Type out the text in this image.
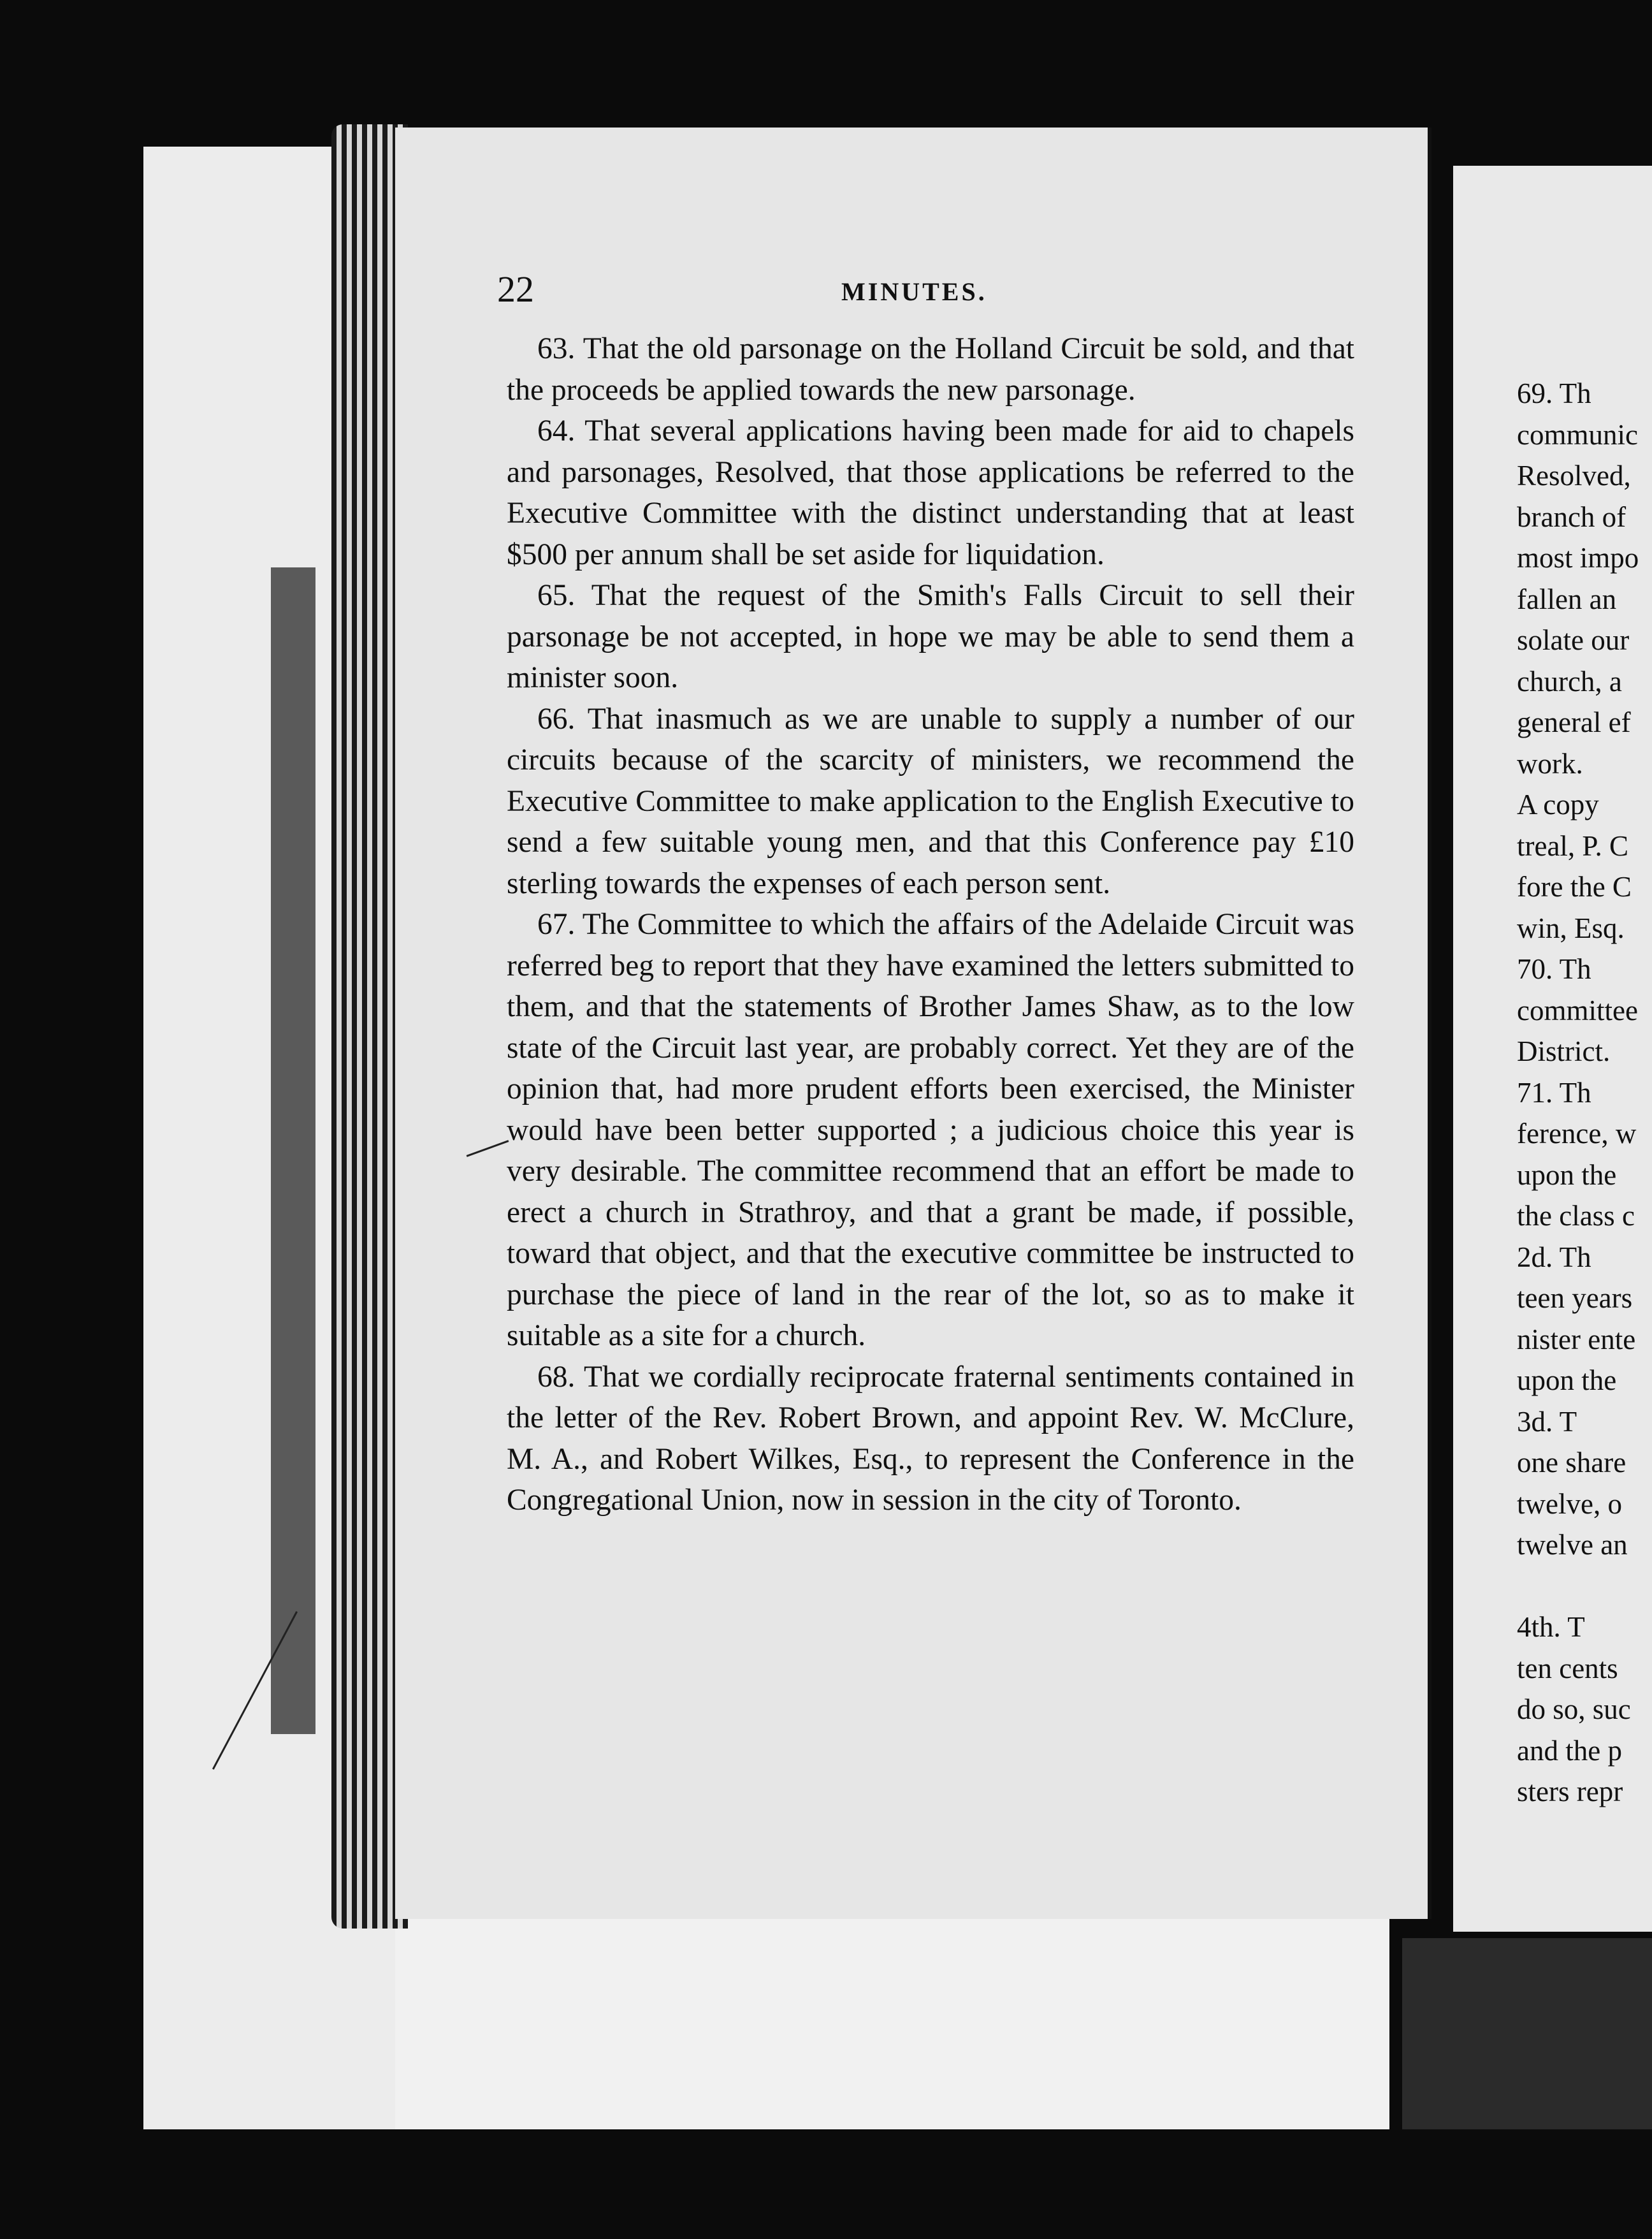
22	MINUTES.

63. That the old parsonage on the Holland Circuit be sold, and that the proceeds be applied towards the new parsonage.

64. That several applications having been made for aid to chapels and parsonages, Resolved, that those applications be referred to the Executive Committee with the distinct understanding that at least $500 per annum shall be set aside for liquidation.

65. That the request of the Smith's Falls Circuit to sell their parsonage be not accepted, in hope we may be able to send them a minister soon.

66. That inasmuch as we are unable to supply a number of our circuits because of the scarcity of ministers, we recommend the Executive Committee to make application to the English Executive to send a few suitable young men, and that this Conference pay £10 sterling towards the expenses of each person sent.

67. The Committee to which the affairs of the Adelaide Circuit was referred beg to report that they have examined the letters submitted to them, and that the statements of Brother James Shaw, as to the low state of the Circuit last year, are probably correct. Yet they are of the opinion that, had more prudent efforts been exercised, the Minister would have been better supported ; a judicious choice this year is very desirable. The committee recommend that an effort be made to erect a church in Strathroy, and that a grant be made, if possible, toward that object, and that the executive committee be instructed to purchase the piece of land in the rear of the lot, so as to make it suitable as a site for a church.

68. That we cordially reciprocate fraternal sentiments contained in the letter of the Rev. Robert Brown, and appoint Rev. W. McClure, M. A., and Robert Wilkes, Esq., to represent the Conference in the Congregational Union, now in session in the city of Toronto.

69. Th
communic
Resolved,
branch of
most impo
fallen an
solate our
church, a
general ef
work.
A copy
treal, P. C
fore the C
win, Esq.
70. Th
committee
District.
71. Th
ference, w
upon the
the class c
2d. Th
teen years
nister ente
upon the
3d. T
one share
twelve, o
twelve an
4th. T
ten cents
do so, suc
and the p
sters repr
